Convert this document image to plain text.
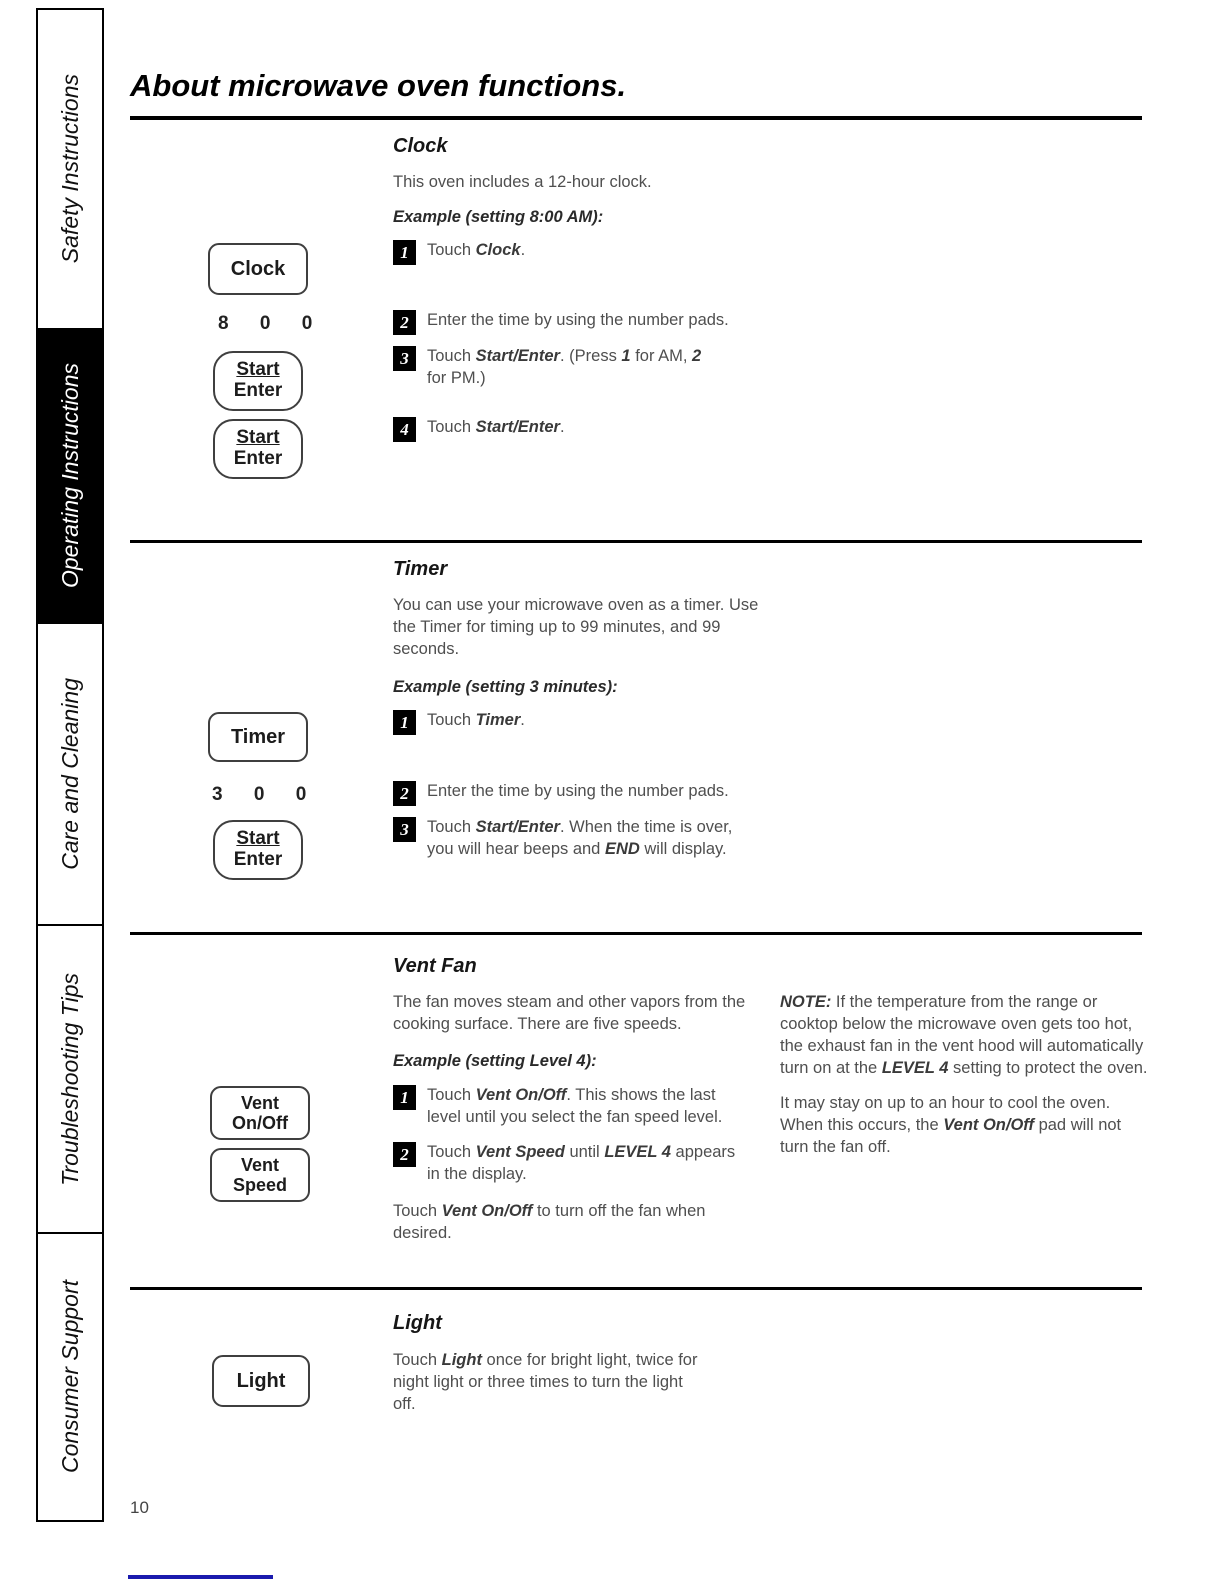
Safety Instructions
Operating Instructions
Care and Cleaning
Troubleshooting Tips
Consumer Support
About microwave oven functions.
Clock
This oven includes a 12-hour clock.
Example (setting 8:00 AM):
Clock
1	Touch Clock.
8 0 0	2	Enter the time by using the number pads.
3	Touch Start/Enter. (Press 1 for AM, 2 for PM.)
Start
Enter
4	Touch Start/Enter.
Start
Enter
Timer
You can use your microwave oven as a timer. Use the Timer for timing up to 99 minutes, and 99 seconds.
Example (setting 3 minutes):
Timer
1	Touch Timer.
3 0 0	2	Enter the time by using the number pads.
3	Touch Start/Enter. When the time is over, you will hear beeps and END will display.
Start
Enter
Vent Fan
The fan moves steam and other vapors from the cooking surface. There are five speeds.
NOTE: If the temperature from the range or cooktop below the microwave oven gets too hot, the exhaust fan in the vent hood will automatically turn on at the LEVEL 4 setting to protect the oven.
It may stay on up to an hour to cool the oven. When this occurs, the Vent On/Off pad will not turn the fan off.
Example (setting Level 4):
Vent
On/Off
1	Touch Vent On/Off. This shows the last level until you select the fan speed level.
Vent
Speed
2	Touch Vent Speed until LEVEL 4 appears in the display.
Touch Vent On/Off to turn off the fan when desired.
Light
Light
Touch Light once for bright light, twice for night light or three times to turn the light off.
10
